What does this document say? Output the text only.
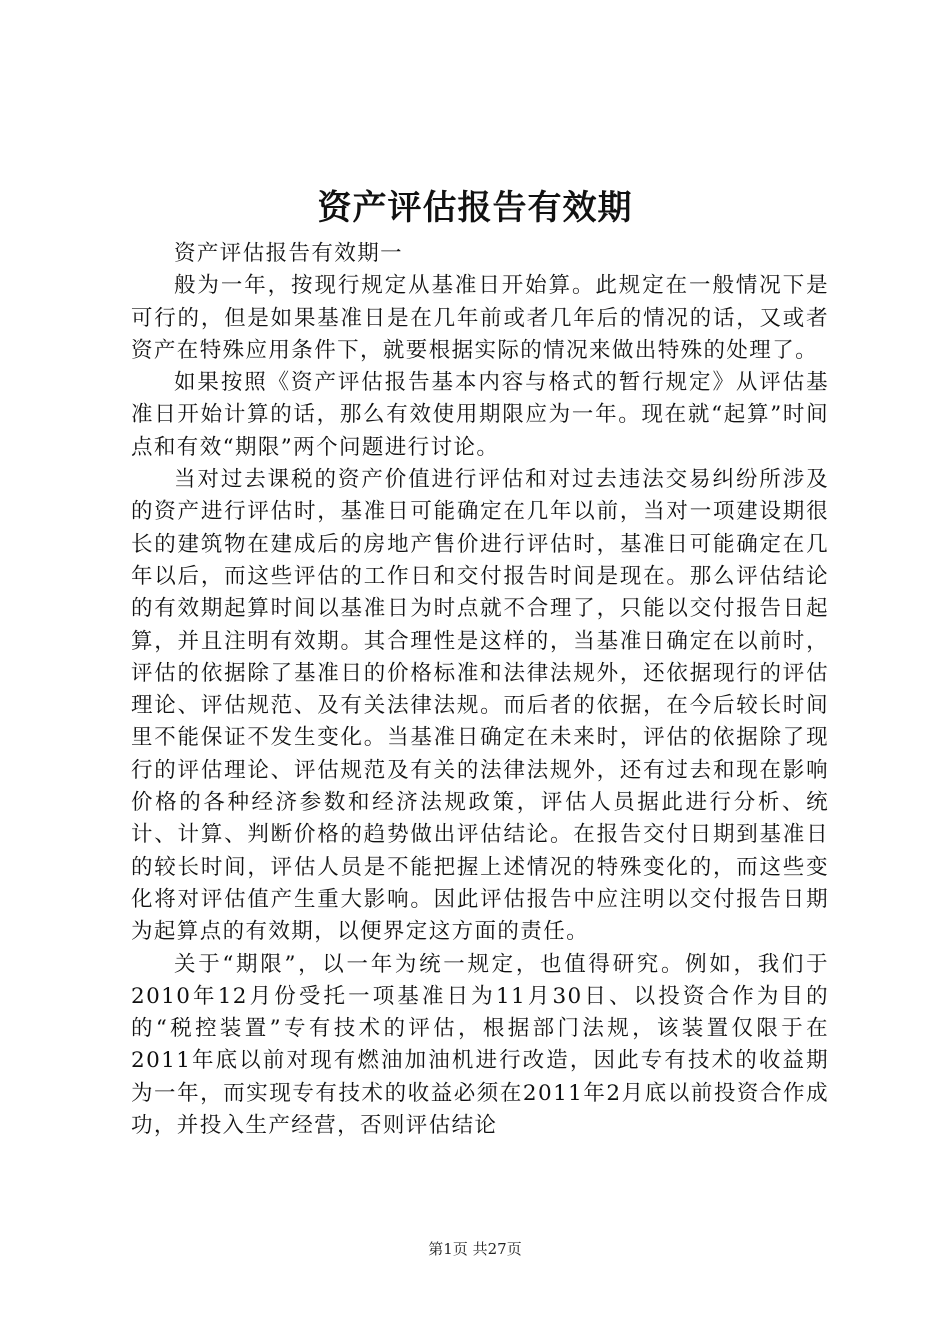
资产评估报告有效期

资产评估报告有效期一

般为一年，按现行规定从基准日开始算。此规定在一般情况下是可行的，但是如果基准日是在几年前或者几年后的情况的话，又或者资产在特殊应用条件下，就要根据实际的情况来做出特殊的处理了。

如果按照《资产评估报告基本内容与格式的暂行规定》从评估基准日开始计算的话，那么有效使用期限应为一年。现在就“起算”时间点和有效“期限”两个问题进行讨论。

当对过去课税的资产价值进行评估和对过去违法交易纠纷所涉及的资产进行评估时，基准日可能确定在几年以前，当对一项建设期很长的建筑物在建成后的房地产售价进行评估时，基准日可能确定在几年以后，而这些评估的工作日和交付报告时间是现在。那么评估结论的有效期起算时间以基准日为时点就不合理了，只能以交付报告日起算，并且注明有效期。其合理性是这样的，当基准日确定在以前时，评估的依据除了基准日的价格标准和法律法规外，还依据现行的评估理论、评估规范、及有关法律法规。而后者的依据，在今后较长时间里不能保证不发生变化。当基准日确定在未来时，评估的依据除了现行的评估理论、评估规范及有关的法律法规外，还有过去和现在影响价格的各种经济参数和经济法规政策，评估人员据此进行分析、统计、计算、判断价格的趋势做出评估结论。在报告交付日期到基准日的较长时间，评估人员是不能把握上述情况的特殊变化的，而这些变化将对评估值产生重大影响。因此评估报告中应注明以交付报告日期为起算点的有效期，以便界定这方面的责任。

关于“期限”，以一年为统一规定，也值得研究。例如，我们于2010年12月份受托一项基准日为11月30日、以投资合作为目的的“税控装置”专有技术的评估，根据部门法规，该装置仅限于在2011年底以前对现有燃油加油机进行改造，因此专有技术的收益期为一年，而实现专有技术的收益必须在2011年2月底以前投资合作成功，并投入生产经营，否则评估结论

第1页 共27页
